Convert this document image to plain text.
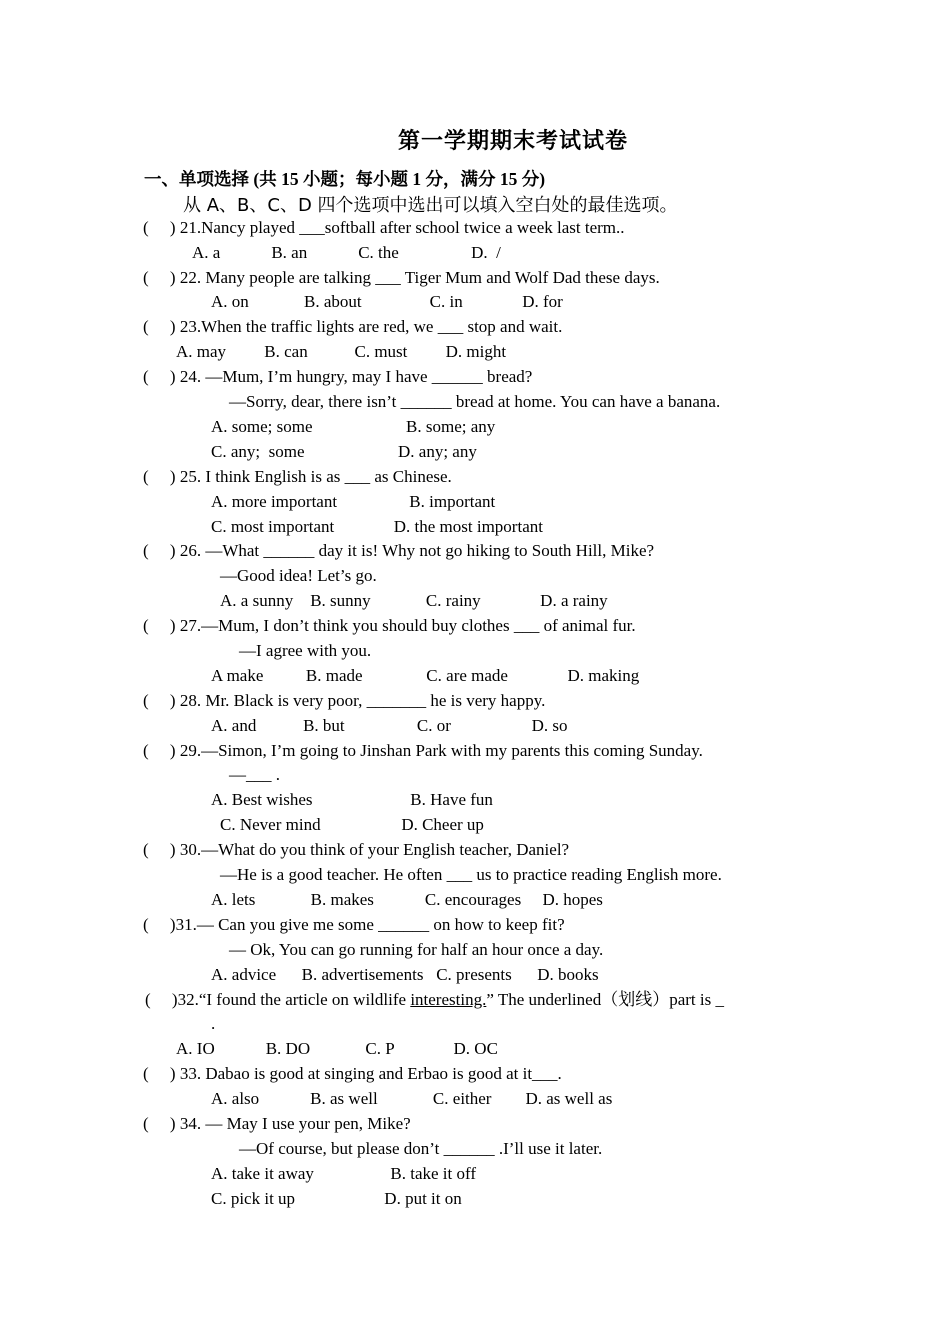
第一学期期末考试试卷
一、单项选择 (共 15 小题；每小题 1 分，满分 15 分)
从 A、B、C、D 四个选项中选出可以填入空白处的最佳选项。
(     ) 21.Nancy played ___softball after school twice a week last term..
A. a            B. an            C. the                 D.  /
(     ) 22. Many people are talking ___ Tiger Mum and Wolf Dad these days.
A. on             B. about                C. in              D. for
(     ) 23.When the traffic lights are red, we ___ stop and wait.
A. may         B. can           C. must         D. might
(     ) 24. —Mum, I’m hungry, may I have ______ bread?
—Sorry, dear, there isn’t ______ bread at home. You can have a banana.
A. some; some                      B. some; any
C. any;  some                      D. any; any
(     ) 25. I think English is as ___ as Chinese.
A. more important                 B. important
C. most important              D. the most important
(     ) 26. —What ______ day it is! Why not go hiking to South Hill, Mike?
—Good idea! Let’s go.
A. a sunny    B. sunny             C. rainy              D. a rainy
(     ) 27.—Mum, I don’t think you should buy clothes ___ of animal fur.
—I agree with you.
A make          B. made               C. are made              D. making
(     ) 28. Mr. Black is very poor, _______ he is very happy.
A. and           B. but                 C. or                   D. so
(     ) 29.—Simon, I’m going to Jinshan Park with my parents this coming Sunday.
—___ .
A. Best wishes                       B. Have fun
C. Never mind                   D. Cheer up
(     ) 30.—What do you think of your English teacher, Daniel?
—He is a good teacher. He often ___ us to practice reading English more.
A. lets             B. makes            C. encourages     D. hopes
(     )31.— Can you give me some ______ on how to keep fit?
— Ok, You can go running for half an hour once a day.
A. advice      B. advertisements   C. presents      D. books
(     )32.“I found the article on wildlife interesting.” The underlined（划线）part is _
.
A. IO            B. DO             C. P              D. OC
(     ) 33. Dabao is good at singing and Erbao is good at it___.
A. also            B. as well             C. either        D. as well as
(     ) 34. — May I use your pen, Mike?
—Of course, but please don’t ______ .I’ll use it later.
A. take it away                  B. take it off
C. pick it up                     D. put it on
